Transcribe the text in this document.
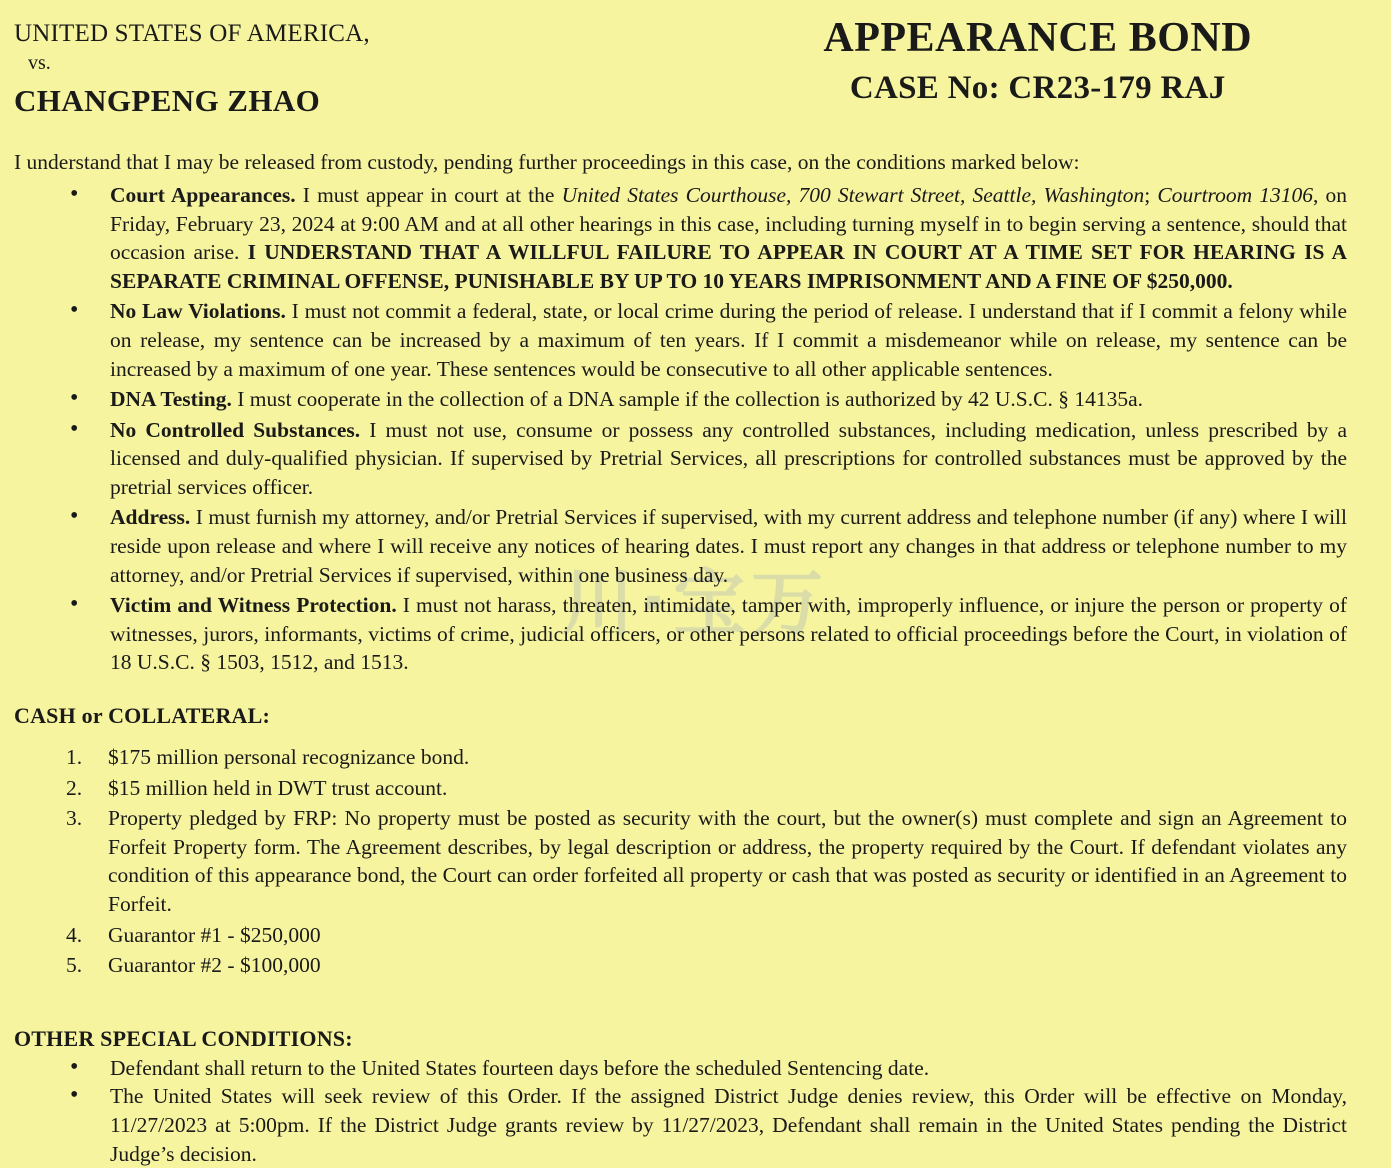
川·宝万
UNITED STATES OF AMERICA,
vs.
CHANGPENG ZHAO
APPEARANCE BOND
CASE No: CR23-179 RAJ
I understand that I may be released from custody, pending further proceedings in this case, on the conditions marked below:
• Court Appearances. I must appear in court at the United States Courthouse, 700 Stewart Street, Seattle, Washington; Courtroom 13106, on Friday, February 23, 2024 at 9:00 AM and at all other hearings in this case, including turning myself in to begin serving a sentence, should that occasion arise. I UNDERSTAND THAT A WILLFUL FAILURE TO APPEAR IN COURT AT A TIME SET FOR HEARING IS A SEPARATE CRIMINAL OFFENSE, PUNISHABLE BY UP TO 10 YEARS IMPRISONMENT AND A FINE OF $250,000.
• No Law Violations. I must not commit a federal, state, or local crime during the period of release. I understand that if I commit a felony while on release, my sentence can be increased by a maximum of ten years. If I commit a misdemeanor while on release, my sentence can be increased by a maximum of one year. These sentences would be consecutive to all other applicable sentences.
• DNA Testing. I must cooperate in the collection of a DNA sample if the collection is authorized by 42 U.S.C. § 14135a.
• No Controlled Substances. I must not use, consume or possess any controlled substances, including medication, unless prescribed by a licensed and duly-qualified physician. If supervised by Pretrial Services, all prescriptions for controlled substances must be approved by the pretrial services officer.
• Address. I must furnish my attorney, and/or Pretrial Services if supervised, with my current address and telephone number (if any) where I will reside upon release and where I will receive any notices of hearing dates. I must report any changes in that address or telephone number to my attorney, and/or Pretrial Services if supervised, within one business day.
• Victim and Witness Protection. I must not harass, threaten, intimidate, tamper with, improperly influence, or injure the person or property of witnesses, jurors, informants, victims of crime, judicial officers, or other persons related to official proceedings before the Court, in violation of 18 U.S.C. § 1503, 1512, and 1513.
CASH or COLLATERAL:
$175 million personal recognizance bond.
$15 million held in DWT trust account.
Property pledged by FRP: No property must be posted as security with the court, but the owner(s) must complete and sign an Agreement to Forfeit Property form. The Agreement describes, by legal description or address, the property required by the Court. If defendant violates any condition of this appearance bond, the Court can order forfeited all property or cash that was posted as security or identified in an Agreement to Forfeit.
Guarantor #1 - $250,000
Guarantor #2 - $100,000
OTHER SPECIAL CONDITIONS:
• Defendant shall return to the United States fourteen days before the scheduled Sentencing date.
• The United States will seek review of this Order. If the assigned District Judge denies review, this Order will be effective on Monday, 11/27/2023 at 5:00pm. If the District Judge grants review by 11/27/2023, Defendant shall remain in the United States pending the District Judge’s decision.
